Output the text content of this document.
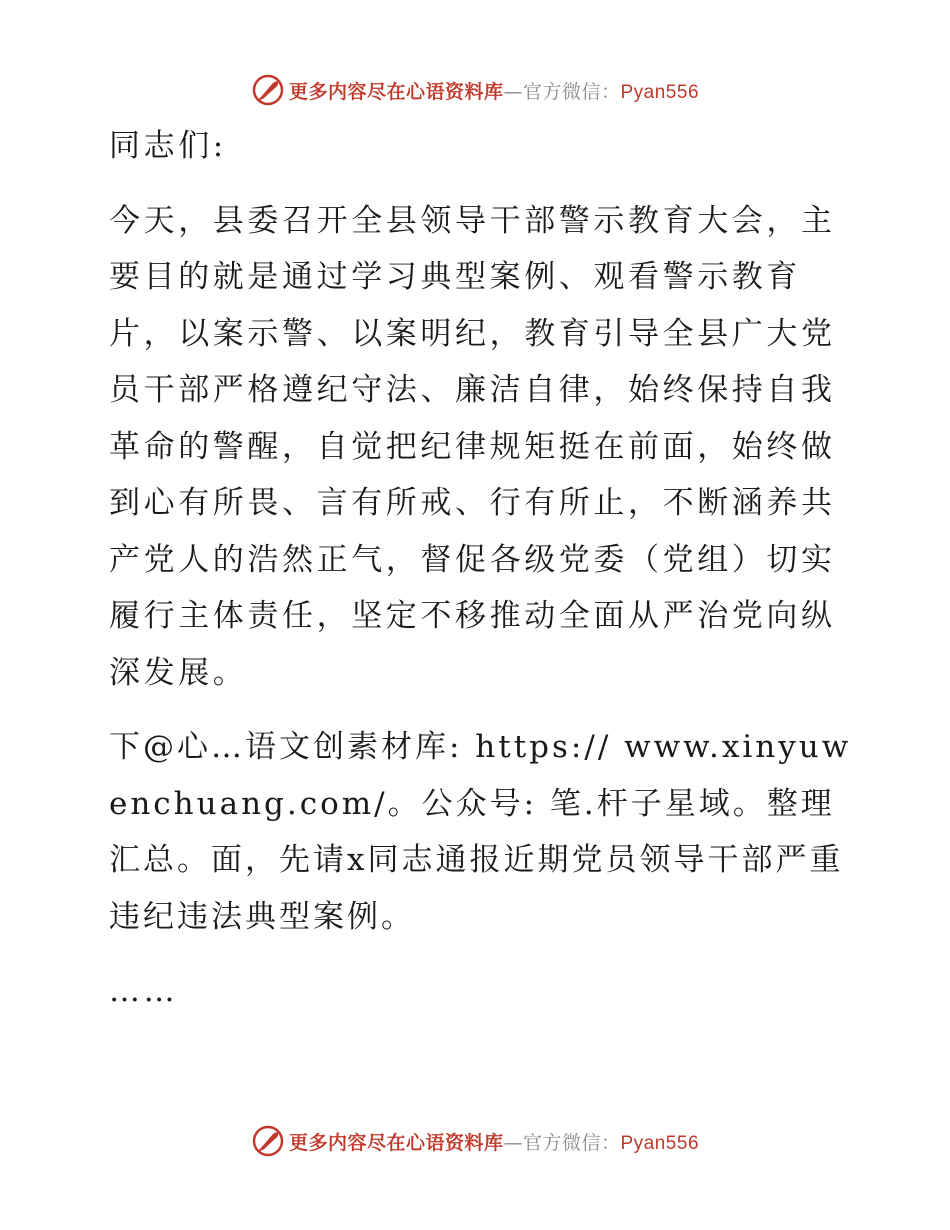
更多内容尽在心语资料库—官方微信：Pyan556

同志们:

今天，县委召开全县领导干部警示教育大会，主要目的就是通过学习典型案例、观看警示教育片，以案示警、以案明纪，教育引导全县广大党员干部严格遵纪守法、廉洁自律，始终保持自我革命的警醒，自觉把纪律规矩挺在前面，始终做到心有所畏、言有所戒、行有所止，不断涵养共产党人的浩然正气，督促各级党委（党组）切实履行主体责任，坚定不移推动全面从严治党向纵深发展。

下@心…语文创素材库: https:// www.xinyuwenchuang.com/。公众号: 笔.杆子星域。整理汇总。面，先请x同志通报近期党员领导干部严重违纪违法典型案例。

……

更多内容尽在心语资料库—官方微信：Pyan556
